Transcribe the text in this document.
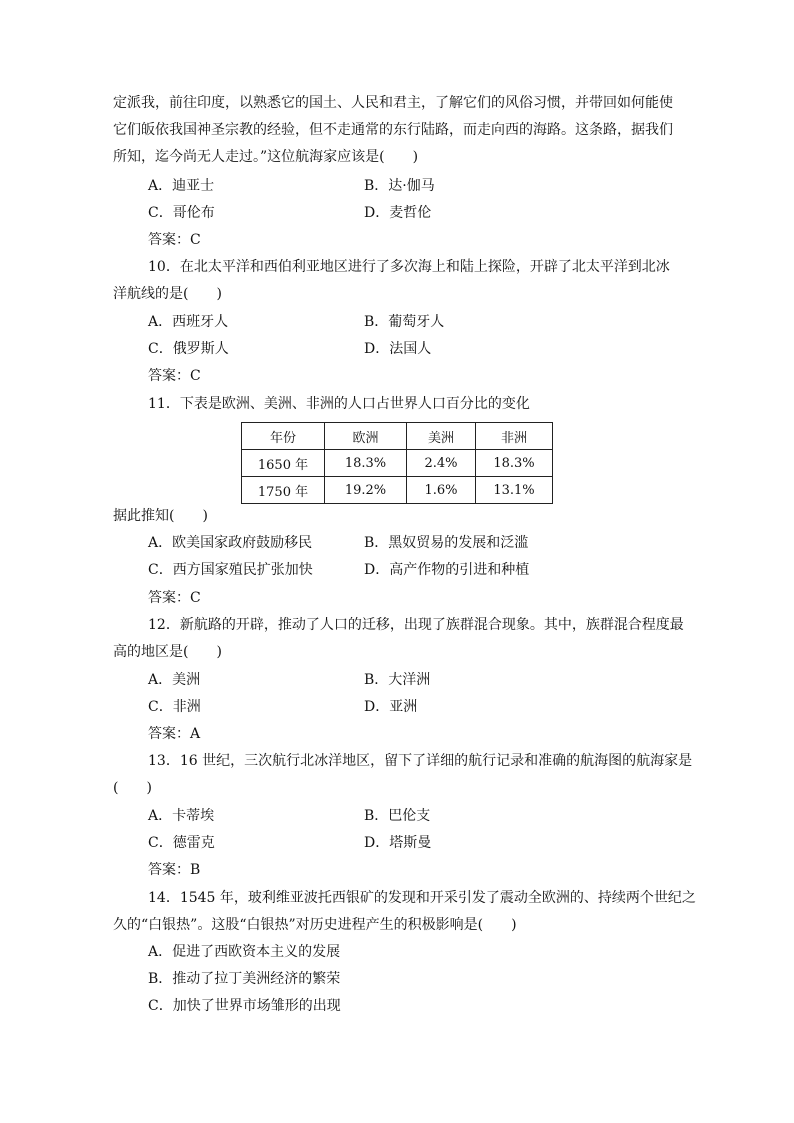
定派我，前往印度，以熟悉它的国土、人民和君主，了解它们的风俗习惯，并带回如何能使
它们皈依我国神圣宗教的经验，但不走通常的东行陆路，而走向西的海路。这条路，据我们
所知，迄今尚无人走过。”这位航海家应该是(　　)
A．迪亚士	B．达·伽马
C．哥伦布	D．麦哲伦
答案：C
10．在北太平洋和西伯利亚地区进行了多次海上和陆上探险，开辟了北太平洋到北冰
洋航线的是(　　)
A．西班牙人	B．葡萄牙人
C．俄罗斯人	D．法国人
答案：C
11．下表是欧洲、美洲、非洲的人口占世界人口百分比的变化
年份	欧洲	美洲	非洲
1650 年	18.3%	2.4%	18.3%
1750 年	19.2%	1.6%	13.1%
据此推知(　　)
A．欧美国家政府鼓励移民	B．黑奴贸易的发展和泛滥
C．西方国家殖民扩张加快	D．高产作物的引进和种植
答案：C
12．新航路的开辟，推动了人口的迁移，出现了族群混合现象。其中，族群混合程度最
高的地区是(　　)
A．美洲	B．大洋洲
C．非洲	D．亚洲
答案：A
13．16 世纪，三次航行北冰洋地区，留下了详细的航行记录和准确的航海图的航海家是
(　　)
A．卡蒂埃	B．巴伦支
C．德雷克	D．塔斯曼
答案：B
14．1545 年，玻利维亚波托西银矿的发现和开采引发了震动全欧洲的、持续两个世纪之
久的“白银热”。这股“白银热”对历史进程产生的积极影响是(　　)
A．促进了西欧资本主义的发展
B．推动了拉丁美洲经济的繁荣
C．加快了世界市场雏形的出现
